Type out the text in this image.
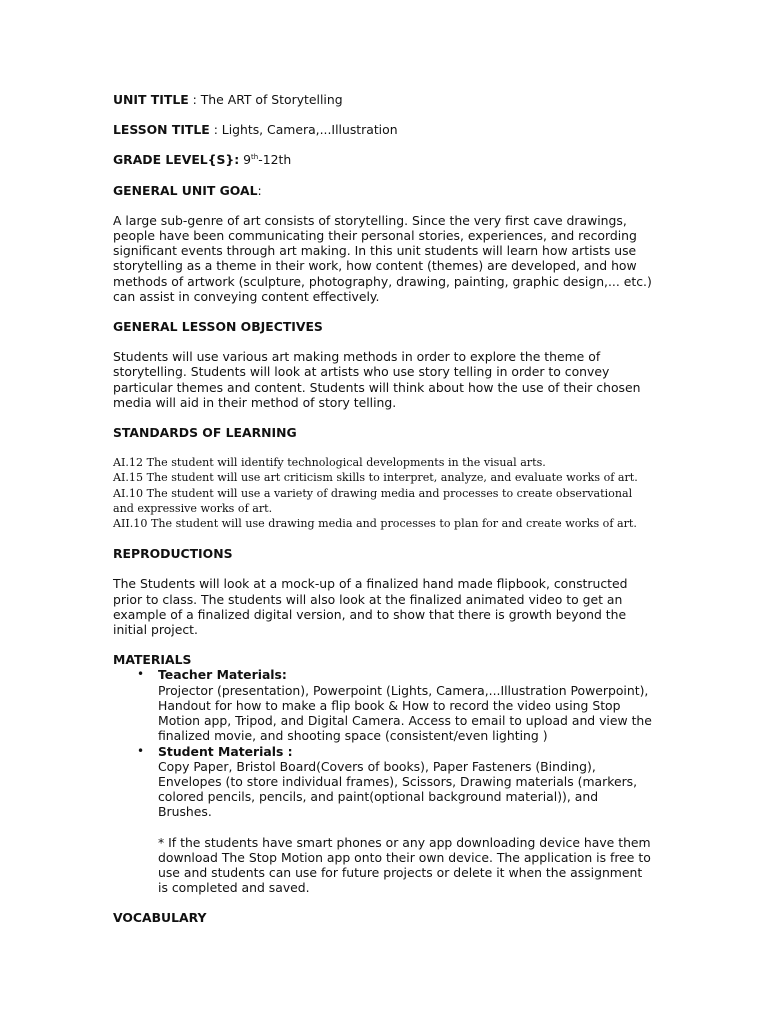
UNIT TITLE : The ART of Storytelling
LESSON TITLE : Lights, Camera,...Illustration
GRADE LEVEL{S}: 9th-12th
GENERAL UNIT GOAL:

A large sub-genre of art consists of storytelling. Since the very first cave drawings, people have been communicating their personal stories, experiences, and recording significant events through art making. In this unit students will learn how artists use storytelling as a theme in their work, how content (themes) are developed, and how methods of artwork (sculpture, photography, drawing, painting, graphic design,... etc.) can assist in conveying content effectively.

GENERAL LESSON OBJECTIVES

Students will use various art making methods in order to explore the theme of storytelling. Students will look at artists who use story telling in order to convey particular themes and content. Students will think about how the use of their chosen media will aid in their method of story telling.

STANDARDS OF LEARNING
AI.12 The student will identify technological developments in the visual arts.
AI.15 The student will use art criticism skills to interpret, analyze, and evaluate works of art.
AI.10 The student will use a variety of drawing media and processes to create observational and expressive works of art.
AII.10 The student will use drawing media and processes to plan for and create works of art.
REPRODUCTIONS

The Students will look at a mock-up of a finalized hand made flipbook, constructed prior to class. The students will also look at the finalized animated video to get an example of a finalized digital version, and to show that there is growth beyond the initial project.

MATERIALS
• Teacher Materials:
Projector (presentation), Powerpoint (Lights, Camera,...Illustration Powerpoint), Handout for how to make a flip book & How to record the video using Stop Motion app, Tripod, and Digital Camera. Access to email to upload and view the finalized movie, and shooting space (consistent/even lighting )
• Student Materials :
Copy Paper, Bristol Board(Covers of books), Paper Fasteners (Binding), Envelopes (to store individual frames), Scissors, Drawing materials (markers, colored pencils, pencils, and paint(optional background material)), and Brushes.
* If the students have smart phones or any app downloading device have them download The Stop Motion app onto their own device. The application is free to use and students can use for future projects or delete it when the assignment is completed and saved.
VOCABULARY
